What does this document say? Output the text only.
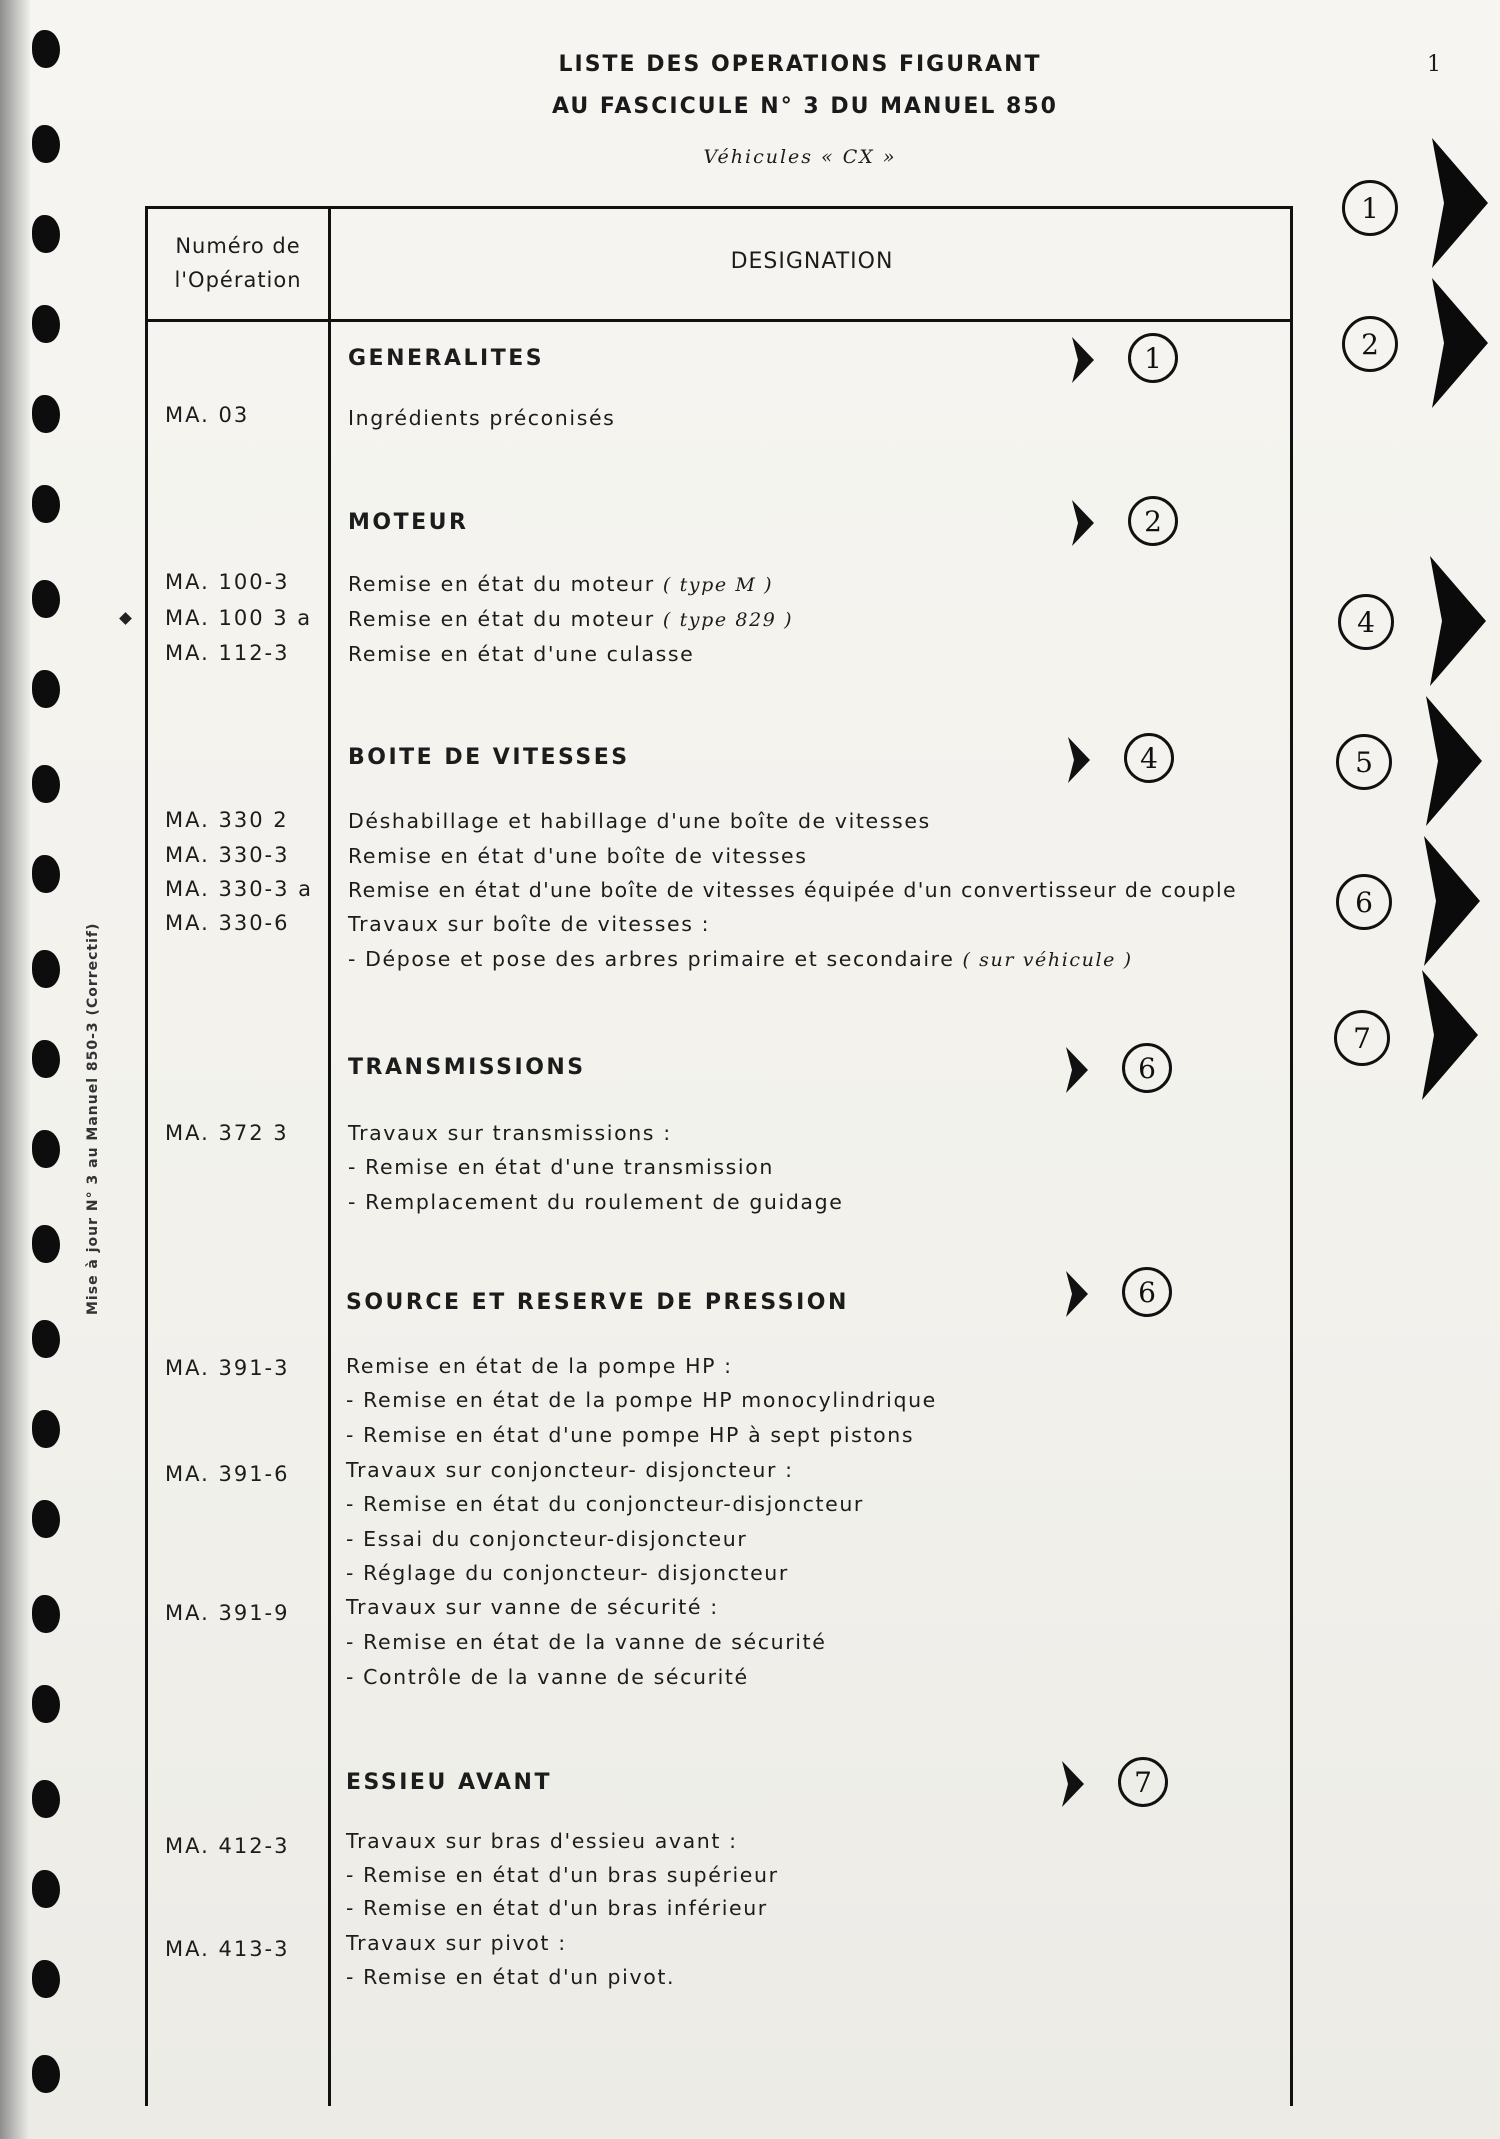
LISTE DES OPERATIONS FIGURANT
AU FASCICULE N° 3 DU MANUEL 850
Véhicules « CX »
1
Mise à jour N° 3 au Manuel 850-3 (Correctif)
1
2
4
5
6
7
Numéro de
l'Opération
DESIGNATION
GENERALITES	1
MA. 03	Ingrédients préconisés
MOTEUR	2
MA. 100-3	Remise en état du moteur ( type M )
MA. 100 3 a Remise en état du moteur ( type 829 )
MA. 112-3	Remise en état d'une culasse
BOITE DE VITESSES	4
MA. 330 2	Déshabillage et habillage d'une boîte de vitesses
MA. 330-3	Remise en état d'une boîte de vitesses
MA. 330-3 a Remise en état d'une boîte de vitesses équipée d'un convertisseur de couple
MA. 330-6	Travaux sur boîte de vitesses :
- Dépose et pose des arbres primaire et secondaire ( sur véhicule )
TRANSMISSIONS	6
MA. 372 3	Travaux sur transmissions :
- Remise en état d'une transmission
- Remplacement du roulement de guidage
SOURCE ET RESERVE DE PRESSION	6
MA. 391-3	Remise en état de la pompe HP :
- Remise en état de la pompe HP monocylindrique
- Remise en état d'une pompe HP à sept pistons
MA. 391-6	Travaux sur conjoncteur- disjoncteur :
- Remise en état du conjoncteur-disjoncteur
- Essai du conjoncteur-disjoncteur
- Réglage du conjoncteur- disjoncteur
MA. 391-9	Travaux sur vanne de sécurité :
- Remise en état de la vanne de sécurité
- Contrôle de la vanne de sécurité
ESSIEU AVANT	7
MA. 412-3	Travaux sur bras d'essieu avant :
- Remise en état d'un bras supérieur
- Remise en état d'un bras inférieur
MA. 413-3	Travaux sur pivot :
- Remise en état d'un pivot.
